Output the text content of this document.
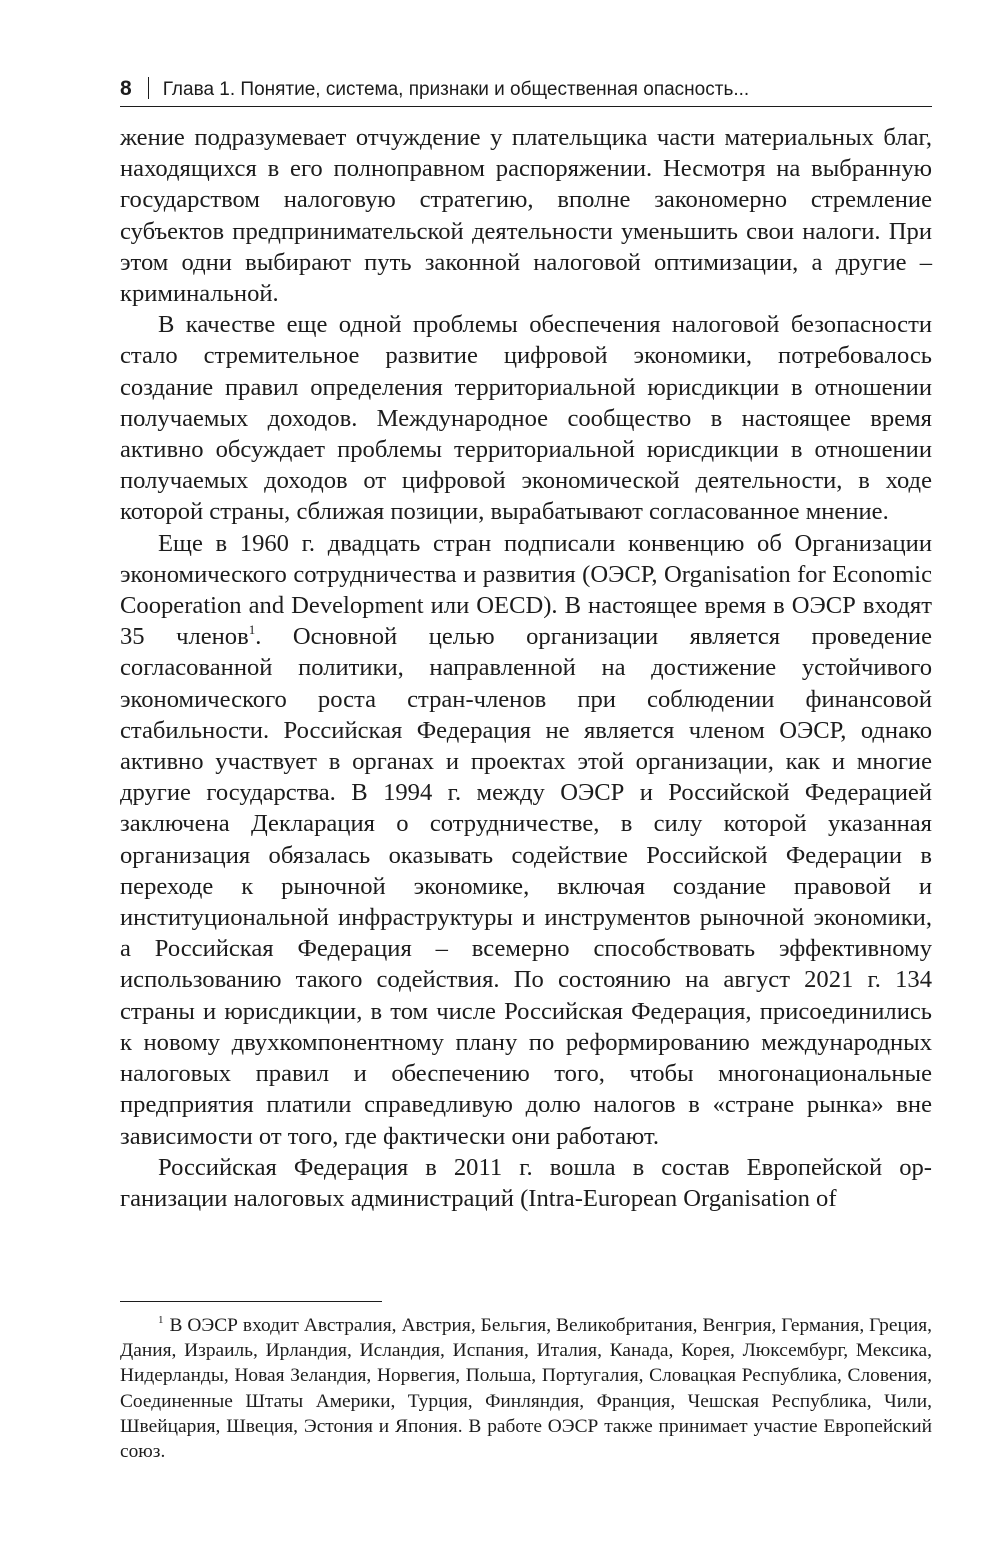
8 Глава 1. Понятие, система, признаки и общественная опасность...

жение подразумевает отчуждение у плательщика части материальных благ, находящихся в его полноправном распоряжении. Несмотря на выбранную государством налоговую стратегию, вполне закономерно стремление субъектов предпринимательской деятельности уменьшить свои налоги. При этом одни выбирают путь законной налоговой оптимизации, а другие – криминальной.

В качестве еще одной проблемы обеспечения налоговой безопасности стало стремительное развитие цифровой экономики, потребовалось создание правил определения территориальной юрисдикции в отношении получаемых доходов. Международное сообщество в настоящее время активно обсуждает проблемы территориальной юрисдикции в отношении получаемых доходов от цифровой экономической деятельности, в ходе которой страны, сближая позиции, вырабатывают согласованное мнение.

Еще в 1960 г. двадцать стран подписали конвенцию об Организации экономического сотрудничества и развития (ОЭСР, Organisation for Economic Cooperation and Development или OECD). В настоящее время в ОЭСР входят 35 членов$^1$. Основной целью организации является проведение согласованной политики, направленной на достижение устойчивого экономического роста стран-членов при соблюдении финансовой стабильности. Российская Федерация не является членом ОЭСР, однако активно участвует в органах и проектах этой организации, как и многие другие государства. В 1994 г. между ОЭСР и Российской Федерацией заключена Декларация о сотрудничестве, в силу которой указанная организация обязалась оказывать содействие Российской Федерации в переходе к рыночной экономике, включая создание правовой и институциональной инфраструктуры и инструментов рыночной экономики, а Российская Федерация – всемерно способствовать эффективному использованию такого содействия. По состоянию на август 2021 г. 134 страны и юрисдикции, в том числе Российская Федерация, присоединились к новому двухкомпонентному плану по реформированию международных налоговых правил и обеспечению того, чтобы многонациональные предприятия платили справедливую долю налогов в «стране рынка» вне зависимости от того, где фактически они работают.

Российская Федерация в 2011 г. вошла в состав Европейской организации налоговых администраций (Intra-European Organisation of

$^1$ В ОЭСР входит Австралия, Австрия, Бельгия, Великобритания, Венгрия, Германия, Греция, Дания, Израиль, Ирландия, Исландия, Испания, Италия, Канада, Корея, Люксембург, Мексика, Нидерланды, Новая Зеландия, Норвегия, Польша, Португалия, Словацкая Республика, Словения, Соединенные Штаты Америки, Турция, Финляндия, Франция, Чешская Республика, Чили, Швейцария, Швеция, Эстония и Япония. В работе ОЭСР также принимает участие Европейский союз.
